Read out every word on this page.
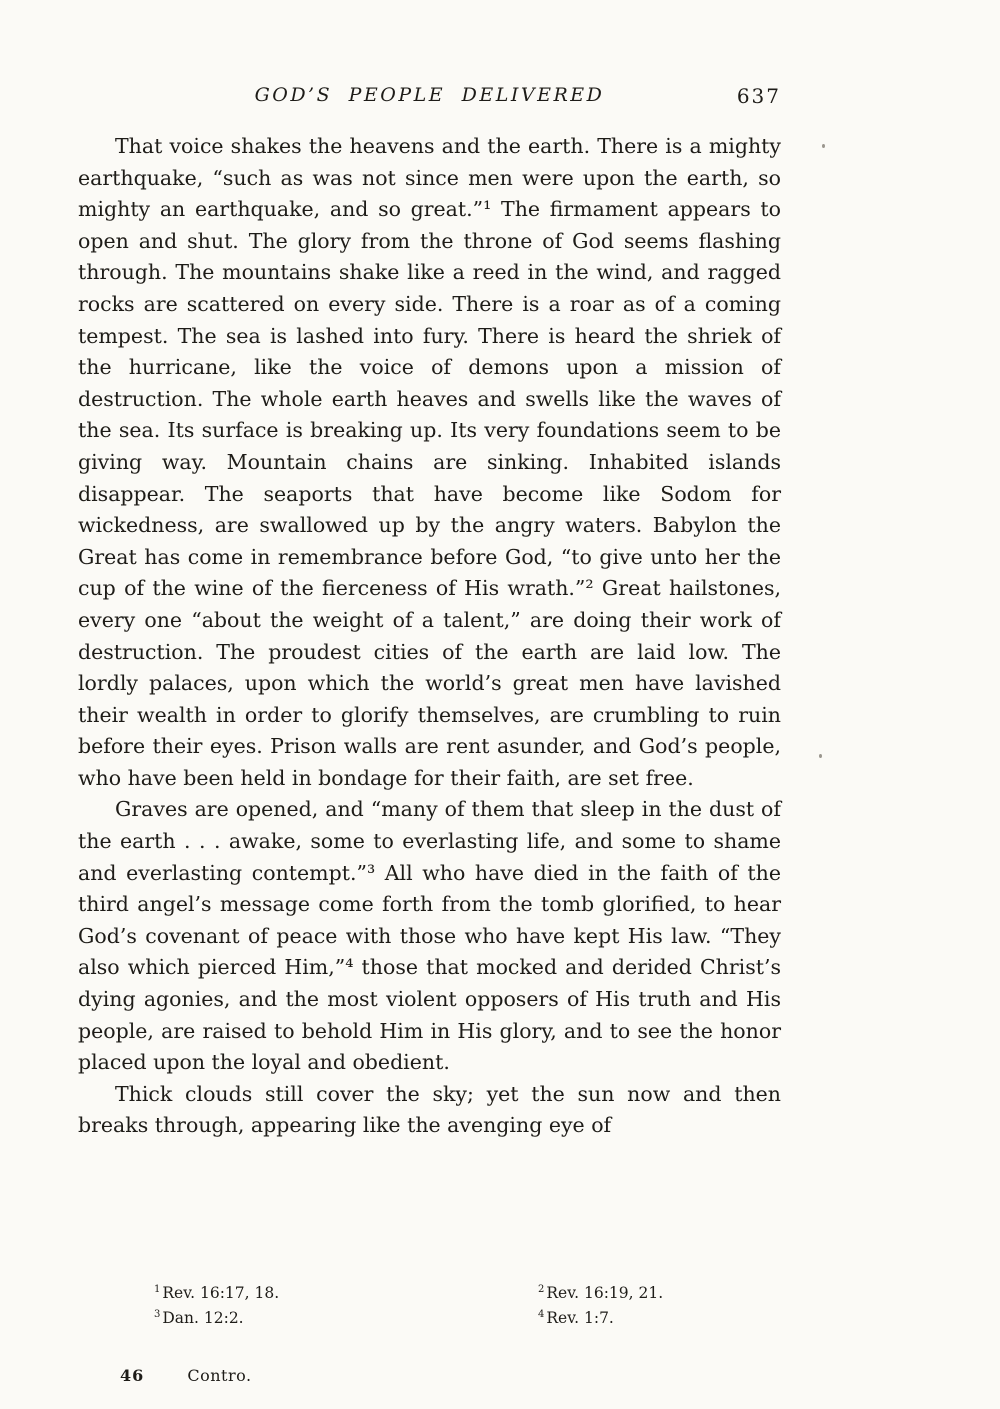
GOD’S PEOPLE DELIVERED	637

That voice shakes the heavens and the earth. There is a mighty earthquake, “such as was not since men were upon the earth, so mighty an earthquake, and so great.”¹ The firmament appears to open and shut. The glory from the throne of God seems flashing through. The mountains shake like a reed in the wind, and ragged rocks are scattered on every side. There is a roar as of a coming tempest. The sea is lashed into fury. There is heard the shriek of the hurricane, like the voice of demons upon a mission of destruction. The whole earth heaves and swells like the waves of the sea. Its surface is breaking up. Its very foundations seem to be giving way. Mountain chains are sinking. Inhabited islands disappear. The seaports that have become like Sodom for wickedness, are swallowed up by the angry waters. Babylon the Great has come in remembrance before God, “to give unto her the cup of the wine of the fierceness of His wrath.”² Great hailstones, every one “about the weight of a talent,” are doing their work of destruction. The proudest cities of the earth are laid low. The lordly palaces, upon which the world’s great men have lavished their wealth in order to glorify themselves, are crumbling to ruin before their eyes. Prison walls are rent asunder, and God’s people, who have been held in bondage for their faith, are set free.

Graves are opened, and “many of them that sleep in the dust of the earth . . . awake, some to everlasting life, and some to shame and everlasting contempt.”³ All who have died in the faith of the third angel’s message come forth from the tomb glorified, to hear God’s covenant of peace with those who have kept His law. “They also which pierced Him,”⁴ those that mocked and derided Christ’s dying agonies, and the most violent opposers of His truth and His people, are raised to behold Him in His glory, and to see the honor placed upon the loyal and obedient.

Thick clouds still cover the sky; yet the sun now and then breaks through, appearing like the avenging eye of

$^1$ Rev. 16:17, 18.	$^2$ Rev. 16:19, 21.
$^3$ Dan. 12:2.	$^4$ Rev. 1:7.
46	Contro.
